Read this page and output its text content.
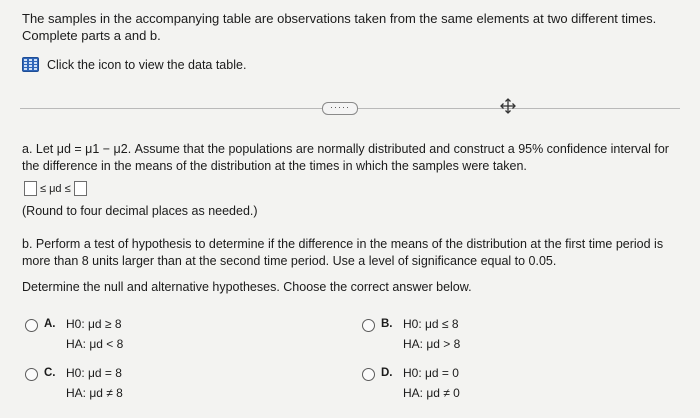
The samples in the accompanying table are observations taken from the same elements at two different times. Complete parts a and b.
Click the icon to view the data table.
·····
a. Let μd = μ1 − μ2. Assume that the populations are normally distributed and construct a 95% confidence interval for the difference in the means of the distribution at the times in which the samples were taken.
≤ μd ≤
(Round to four decimal places as needed.)
b. Perform a test of hypothesis to determine if the difference in the means of the distribution at the first time period is more than 8 units larger than at the second time period. Use a level of significance equal to 0.05.
Determine the null and alternative hypotheses. Choose the correct answer below.
A. H0: μd ≥ 8
HA: μd < 8
B. H0: μd ≤ 8
HA: μd > 8
C. H0: μd = 8
HA: μd ≠ 8
D. H0: μd = 0
HA: μd ≠ 0
